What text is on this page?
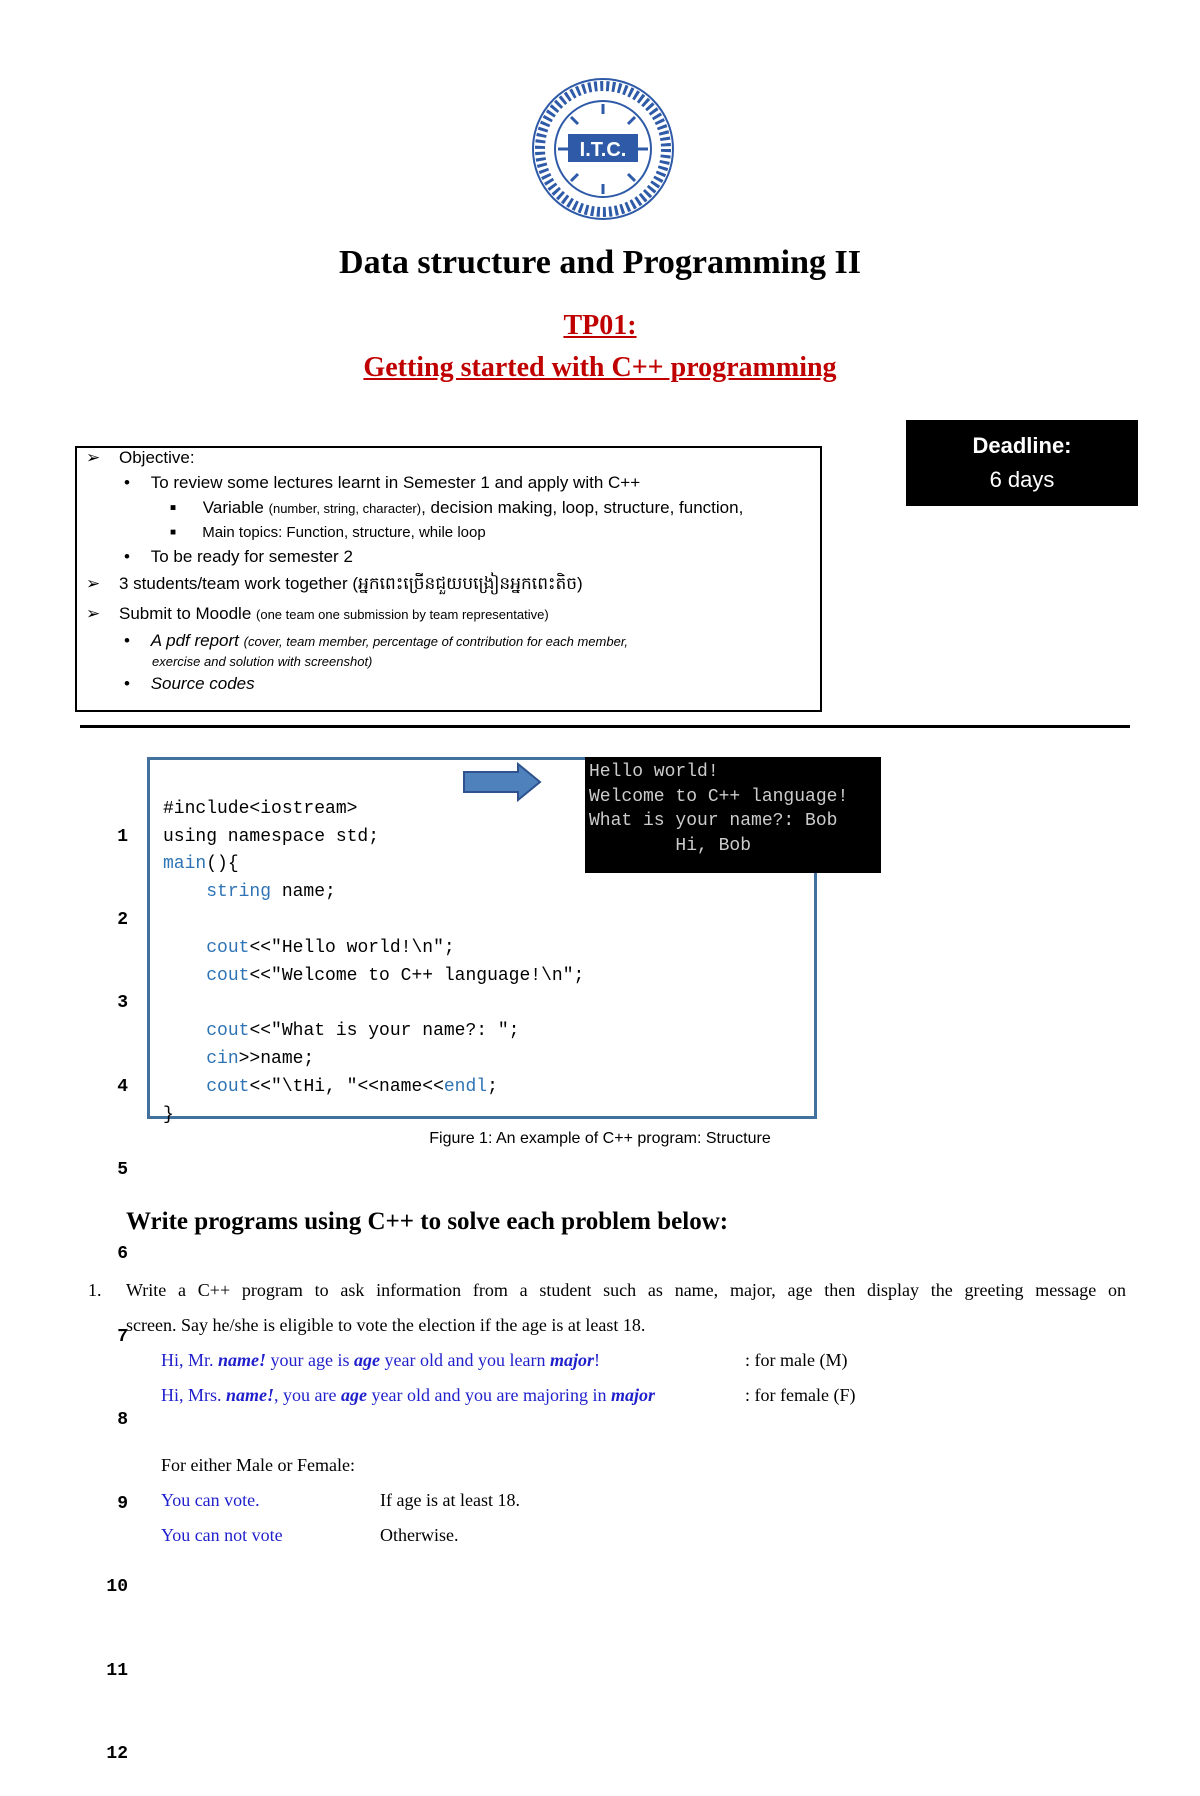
I.T.C.
Data structure and Programming II
TP01:
Getting started with C++ programming
Deadline:
6 days
➢ Objective:
• To review some lectures learnt in Semester 1 and apply with C++
■ Variable (number, string, character), decision making, loop, structure, function,
■ Main topics: Function, structure, while loop
• To be ready for semester 2
➢ 3 students/team work together (អ្នកពេះច្រើនជួយបង្រៀនអ្នកពេះតិច)
➢ Submit to Moodle (one team one submission by team representative)
• A pdf report (cover, team member, percentage of contribution for each member,
exercise and solution with screenshot)
• Source codes

1

2

3

4

5

6

7

8

9

10

11

12

#include<iostream>
using namespace std;
main(){
string name;

cout<<"Hello world!\n";
cout<<"Welcome to C++ language!\n";

cout<<"What is your name?: ";
cin>>name;
cout<<"\tHi, "<<name<<endl;
}

Hello world!
Welcome to C++ language!
What is your name?: Bob
Hi, Bob
Figure 1: An example of C++ program: Structure
Write programs using C++ to solve each problem below:
1. Write a C++ program to ask information from a student such as name, major, age then display the greeting message on
screen. Say he/she is eligible to vote the election if the age is at least 18.
Hi, Mr. name! your age is age year old and you learn major!	: for male (M)
Hi, Mrs. name!, you are age year old and you are majoring in major	: for female (F)
For either Male or Female:
You can vote.	If age is at least 18.
You can not vote	Otherwise.
